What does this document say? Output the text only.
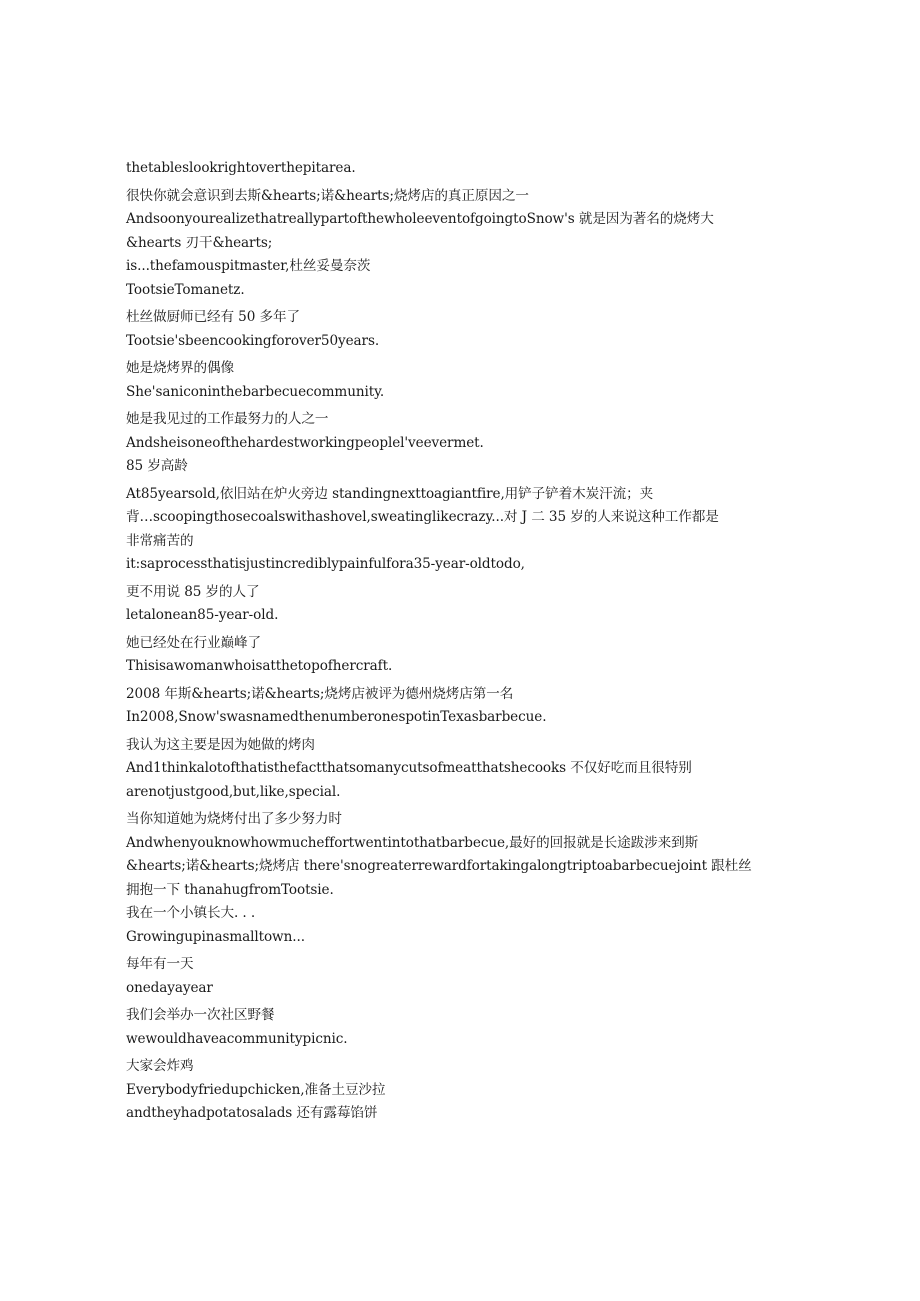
thetableslookrightoverthepitarea.
很快你就会意识到去斯&hearts;诺&hearts;烧烤店的真正原因之一
AndsoonyourealizethatreallypartofthewholeeventofgoingtoSnow's 就是因为著名的烧烤大
&hearts 刃干&hearts;
is...thefamouspitmaster,杜丝妥曼奈茨
TootsieTomanetz.
杜丝做厨师已经有 50 多年了
Tootsie'sbeencookingforover50years.
她是烧烤界的偶像
She'saniconinthebarbecuecommunity.
她是我见过的工作最努力的人之一
Andsheisoneofthehardestworkingpeoplel'veevermet.
85 岁高龄
At85yearsold,依旧站在炉火旁边 standingnexttoagiantfire,用铲子铲着木炭汗流；夹
背…scoopingthosecoalswithashovel,sweatinglikecrazy...对 J 二 35 岁的人来说这种工作都是
非常痛苦的
it:saprocessthatisjustincrediblypainfulfora35-year-oldtodo,
更不用说 85 岁的人了
letalonean85-year-old.
她已经处在行业巅峰了
Thisisawomanwhoisatthetopofhercraft.
2008 年斯&hearts;诺&hearts;烧烤店被评为德州烧烤店第一名
In2008,Snow'swasnamedthenumberonespotinTexasbarbecue.
我认为这主要是因为她做的烤肉
And1thinkalotofthatisthefactthatsomanycutsofmeatthatshecooks 不仅好吃而且很特别
arenotjustgood,but,like,special.
当你知道她为烧烤付出了多少努力时
Andwhenyouknowhowmucheffortwentintothatbarbecue,最好的回报就是长途跋涉来到斯
&hearts;诺&hearts;烧烤店 there'snogreaterrewardfortakingalongtriptoabarbecuejoint 跟杜丝
拥抱一下 thanahugfromTootsie.
我在一个小镇长大. . .
Growingupinasmalltown...
每年有一天
onedayayear
我们会举办一次社区野餐
wewouldhaveacommunitypicnic.
大家会炸鸡
Everybodyfriedupchicken,准备土豆沙拉
andtheyhadpotatosalads 还有露莓馅饼
